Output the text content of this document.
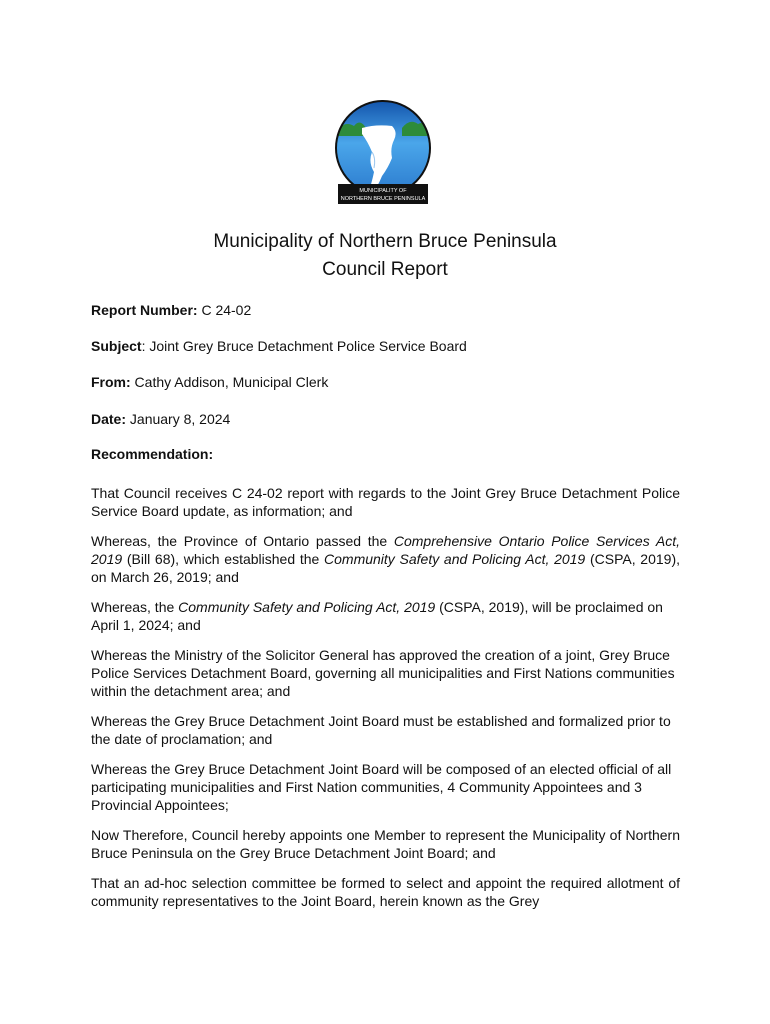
MUNICIPALITY OF
NORTHERN BRUCE PENINSULA
Municipality of Northern Bruce Peninsula
Council Report
Report Number: C 24-02
Subject: Joint Grey Bruce Detachment Police Service Board
From: Cathy Addison, Municipal Clerk
Date: January 8, 2024
Recommendation:

That Council receives C 24-02 report with regards to the Joint Grey Bruce Detachment Police Service Board update, as information; and

Whereas, the Province of Ontario passed the Comprehensive Ontario Police Services Act, 2019 (Bill 68), which established the Community Safety and Policing Act, 2019 (CSPA, 2019), on March 26, 2019; and

Whereas, the Community Safety and Policing Act, 2019 (CSPA, 2019), will be proclaimed on April 1, 2024; and

Whereas the Ministry of the Solicitor General has approved the creation of a joint, Grey Bruce Police Services Detachment Board, governing all municipalities and First Nations communities within the detachment area; and

Whereas the Grey Bruce Detachment Joint Board must be established and formalized prior to the date of proclamation; and

Whereas the Grey Bruce Detachment Joint Board will be composed of an elected official of all participating municipalities and First Nation communities, 4 Community Appointees and 3 Provincial Appointees;

Now Therefore, Council hereby appoints one Member to represent the Municipality of Northern Bruce Peninsula on the Grey Bruce Detachment Joint Board; and

That an ad-hoc selection committee be formed to select and appoint the required allotment of community representatives to the Joint Board, herein known as the Grey
